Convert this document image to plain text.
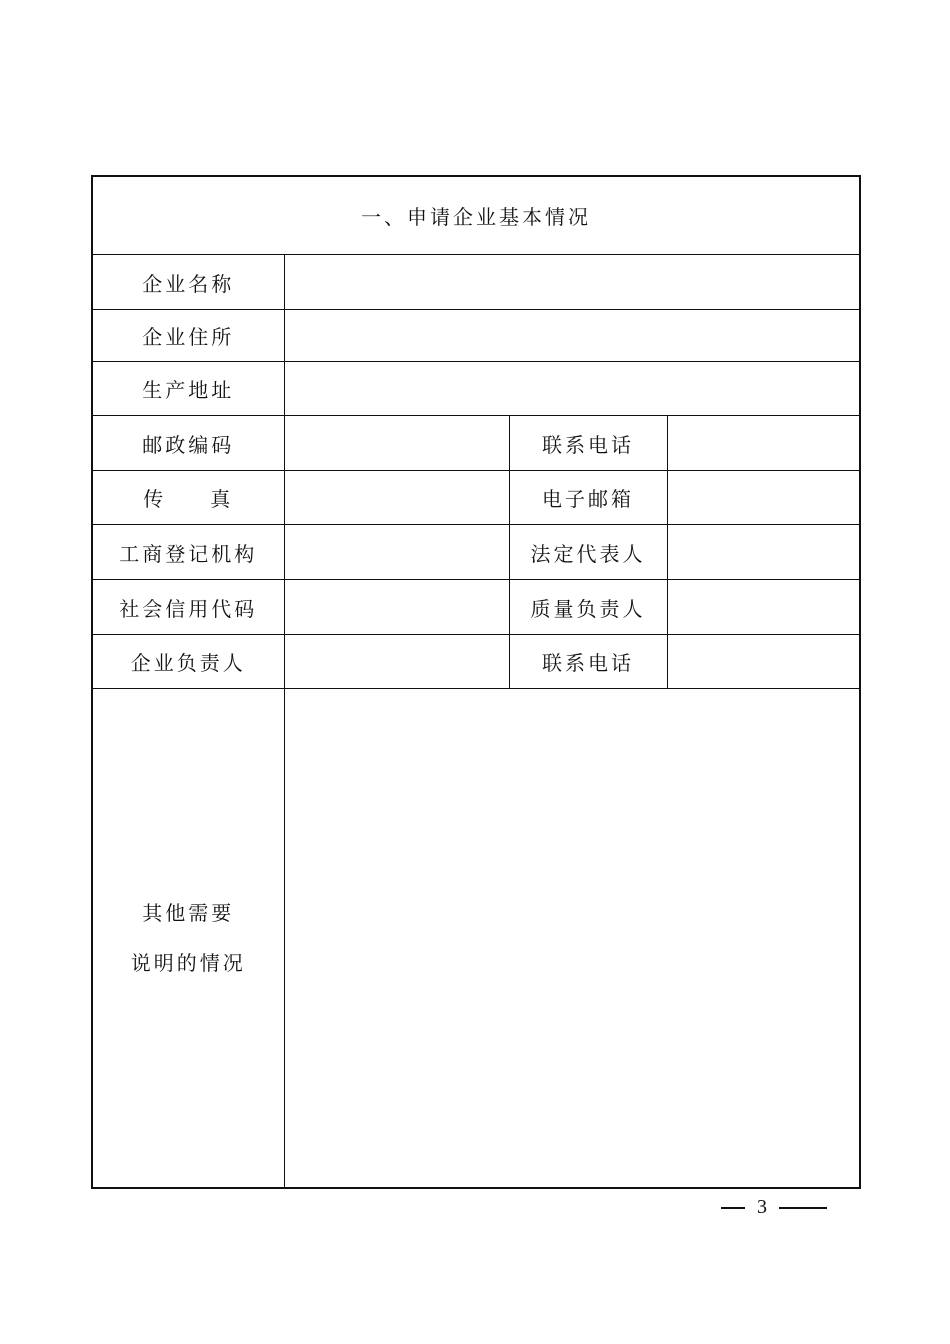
一、申请企业基本情况			
企业名称			
企业住所			
生产地址			
邮政编码		联系电话	
传 真		电子邮箱	
工商登记机构		法定代表人	
社会信用代码		质量负责人	
企业负责人		联系电话	

其他需要
说明的情况			

3
